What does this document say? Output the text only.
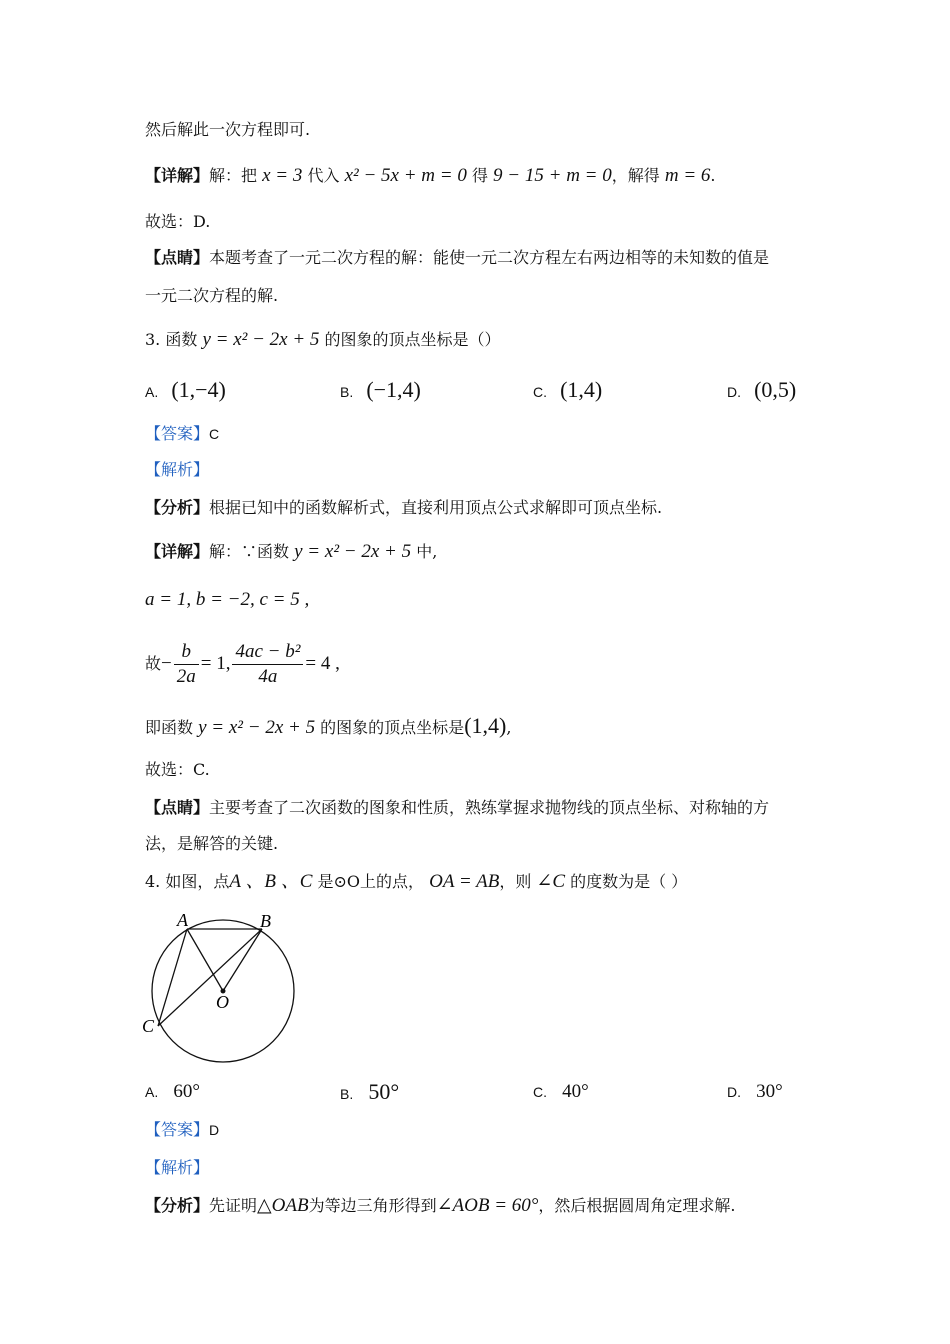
然后解此一次方程即可.
【详解】解：把 x = 3 代入 x² − 5x + m = 0 得 9 − 15 + m = 0，解得 m = 6.
故选：D.
【点睛】本题考查了一元二次方程的解：能使一元二次方程左右两边相等的未知数的值是
一元二次方程的解.
3. 函数 y = x² − 2x + 5 的图象的顶点坐标是（）
A. (1,−4)	B. (−1,4)	C. (1,4)	D. (0,5)
【答案】C
【解析】
【分析】根据已知中的函数解析式，直接利用顶点公式求解即可顶点坐标.
【详解】解：∵函数 y = x² − 2x + 5 中,
a = 1, b = −2, c = 5 ,
故− $\frac{b}{2a} = 1$, $\frac{\text{4ac − b²}}{4a} = 4$ ,
即函数 y = x² − 2x + 5 的图象的顶点坐标是(1,4),
故选：C.
【点睛】主要考查了二次函数的图象和性质，熟练掌握求抛物线的顶点坐标、对称轴的方
法，是解答的关键.
4. 如图，点A 、B 、C 是⊙O上的点， OA = AB，则 ∠C 的度数为是（ ）
A	B
O
C
A. 60°	B. 50°	C. 40°	D. 30°
【答案】D
【解析】
【分析】先证明△OAB为等边三角形得到∠AOB = 60°，然后根据圆周角定理求解.
